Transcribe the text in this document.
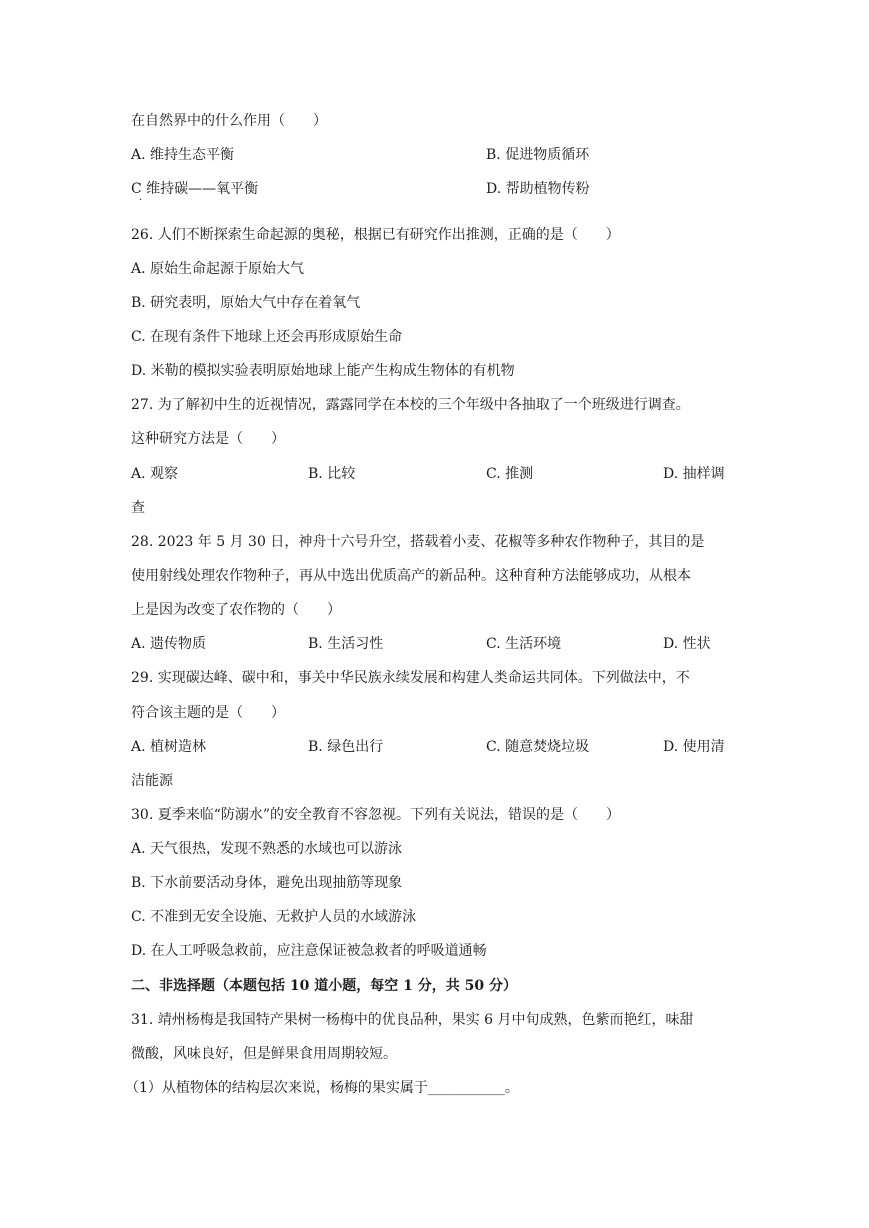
在自然界中的什么作用（　　）
A. 维持生态平衡	B. 促进物质循环
C 维持碳——氧平衡
·
D. 帮助植物传粉
26. 人们不断探索生命起源的奥秘，根据已有研究作出推测，正确的是（　　）
A. 原始生命起源于原始大气
B. 研究表明，原始大气中存在着氧气
C. 在现有条件下地球上还会再形成原始生命
D. 米勒的模拟实验表明原始地球上能产生构成生物体的有机物
27. 为了解初中生的近视情况，露露同学在本校的三个年级中各抽取了一个班级进行调查。
这种研究方法是（　　）
A. 观察	B. 比较	C. 推测	D. 抽样调
查
28. 2023 年 5 月 30 日，神舟十六号升空，搭载着小麦、花椒等多种农作物种子，其目的是
使用射线处理农作物种子，再从中选出优质高产的新品种。这种育种方法能够成功，从根本
上是因为改变了农作物的（　　）
A. 遗传物质	B. 生活习性	C. 生活环境	D. 性状
29. 实现碳达峰、碳中和，事关中华民族永续发展和构建人类命运共同体。下列做法中，不
符合该主题的是（　　）
A. 植树造林	B. 绿色出行	C. 随意焚烧垃圾	D. 使用清
洁能源
30. 夏季来临“防溺水”的安全教育不容忽视。下列有关说法，错误的是（　　）
A. 天气很热，发现不熟悉的水域也可以游泳
B. 下水前要活动身体，避免出现抽筋等现象
C. 不准到无安全设施、无救护人员的水域游泳
D. 在人工呼吸急救前，应注意保证被急救者的呼吸道通畅
二、非选择题（本题包括 10 道小题，每空 1 分，共 50 分）
31. 靖州杨梅是我国特产果树一杨梅中的优良品种，果实 6 月中旬成熟，色紫而艳红，味甜
微酸，风味良好，但是鲜果食用周期较短。
（1）从植物体的结构层次来说，杨梅的果实属于___________。
